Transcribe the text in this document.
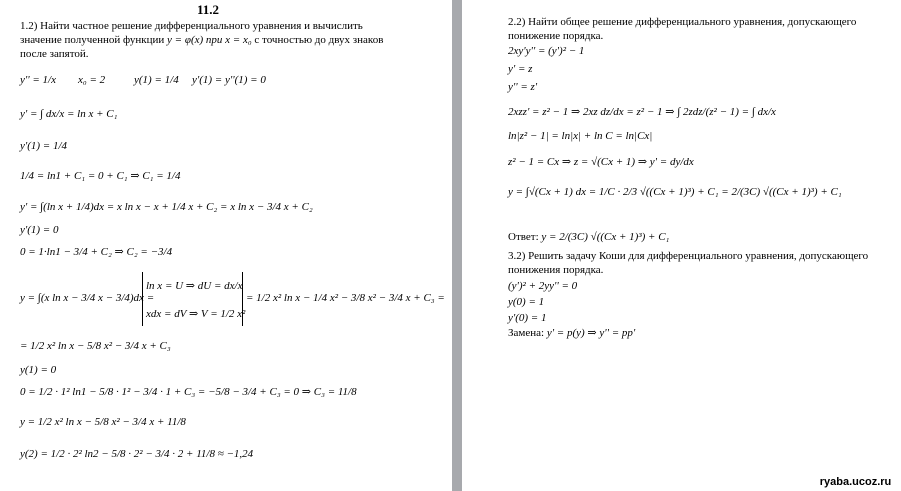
11.2
1.2) Найти частное решение дифференциального уравнения и вычислить
значение полученной функции y = φ(x) при x = x₀ с точностью до двух знаков
после запятой.
y'' = 1/x x₀ = 2	y(1) = 1/4 y'(1) = y''(1) = 0
y' = ∫ dx/x = ln x + C₁
y'(1) = 1/4
1/4 = ln1 + C₁ = 0 + C₁ ⇒ C₁ = 1/4
y' = ∫(ln x + 1/4)dx = x ln x − x + 1/4 x + C₂ = x ln x − 3/4 x + C₂
y'(1) = 0
0 = 1·ln1 − 3/4 + C₂ ⇒ C₂ = −3/4
y = ∫(x ln x − 3/4 x − 3/4)dx =
ln x = U ⇒ dU = dx/x
xdx = dV ⇒ V = 1/2 x²
= 1/2 x² ln x − 1/4 x² − 3/8 x² − 3/4 x + C₃ =
= 1/2 x² ln x − 5/8 x² − 3/4 x + C₃
y(1) = 0
0 = 1/2 · 1² ln1 − 5/8 · 1² − 3/4 · 1 + C₃ = −5/8 − 3/4 + C₃ = 0 ⇒ C₃ = 11/8
y = 1/2 x² ln x − 5/8 x² − 3/4 x + 11/8
y(2) = 1/2 · 2² ln2 − 5/8 · 2² − 3/4 · 2 + 11/8 ≈ −1,24
2.2) Найти общее решение дифференциального уравнения, допускающего
понижение порядка.
2xy'y'' = (y')² − 1
y' = z
y'' = z'
2xzz' = z² − 1 ⇒ 2xz dz/dx = z² − 1 ⇒ ∫ 2zdz/(z² − 1) = ∫ dx/x
ln|z² − 1| = ln|x| + ln C = ln|Cx|
z² − 1 = Cx ⇒ z = √(Cx + 1) ⇒ y' = dy/dx
y = ∫√(Cx + 1) dx = 1/C · 2/3 √((Cx + 1)³) + C₁ = 2/(3C) √((Cx + 1)³) + C₁
Ответ: y = 2/(3C) √((Cx + 1)³) + C₁
3.2) Решить задачу Коши для дифференциального уравнения, допускающего
понижения порядка.
(y')² + 2yy'' = 0
y(0) = 1
y'(0) = 1
Замена: y' = p(y) ⇒ y'' = pp'
ryaba.ucoz.ru
